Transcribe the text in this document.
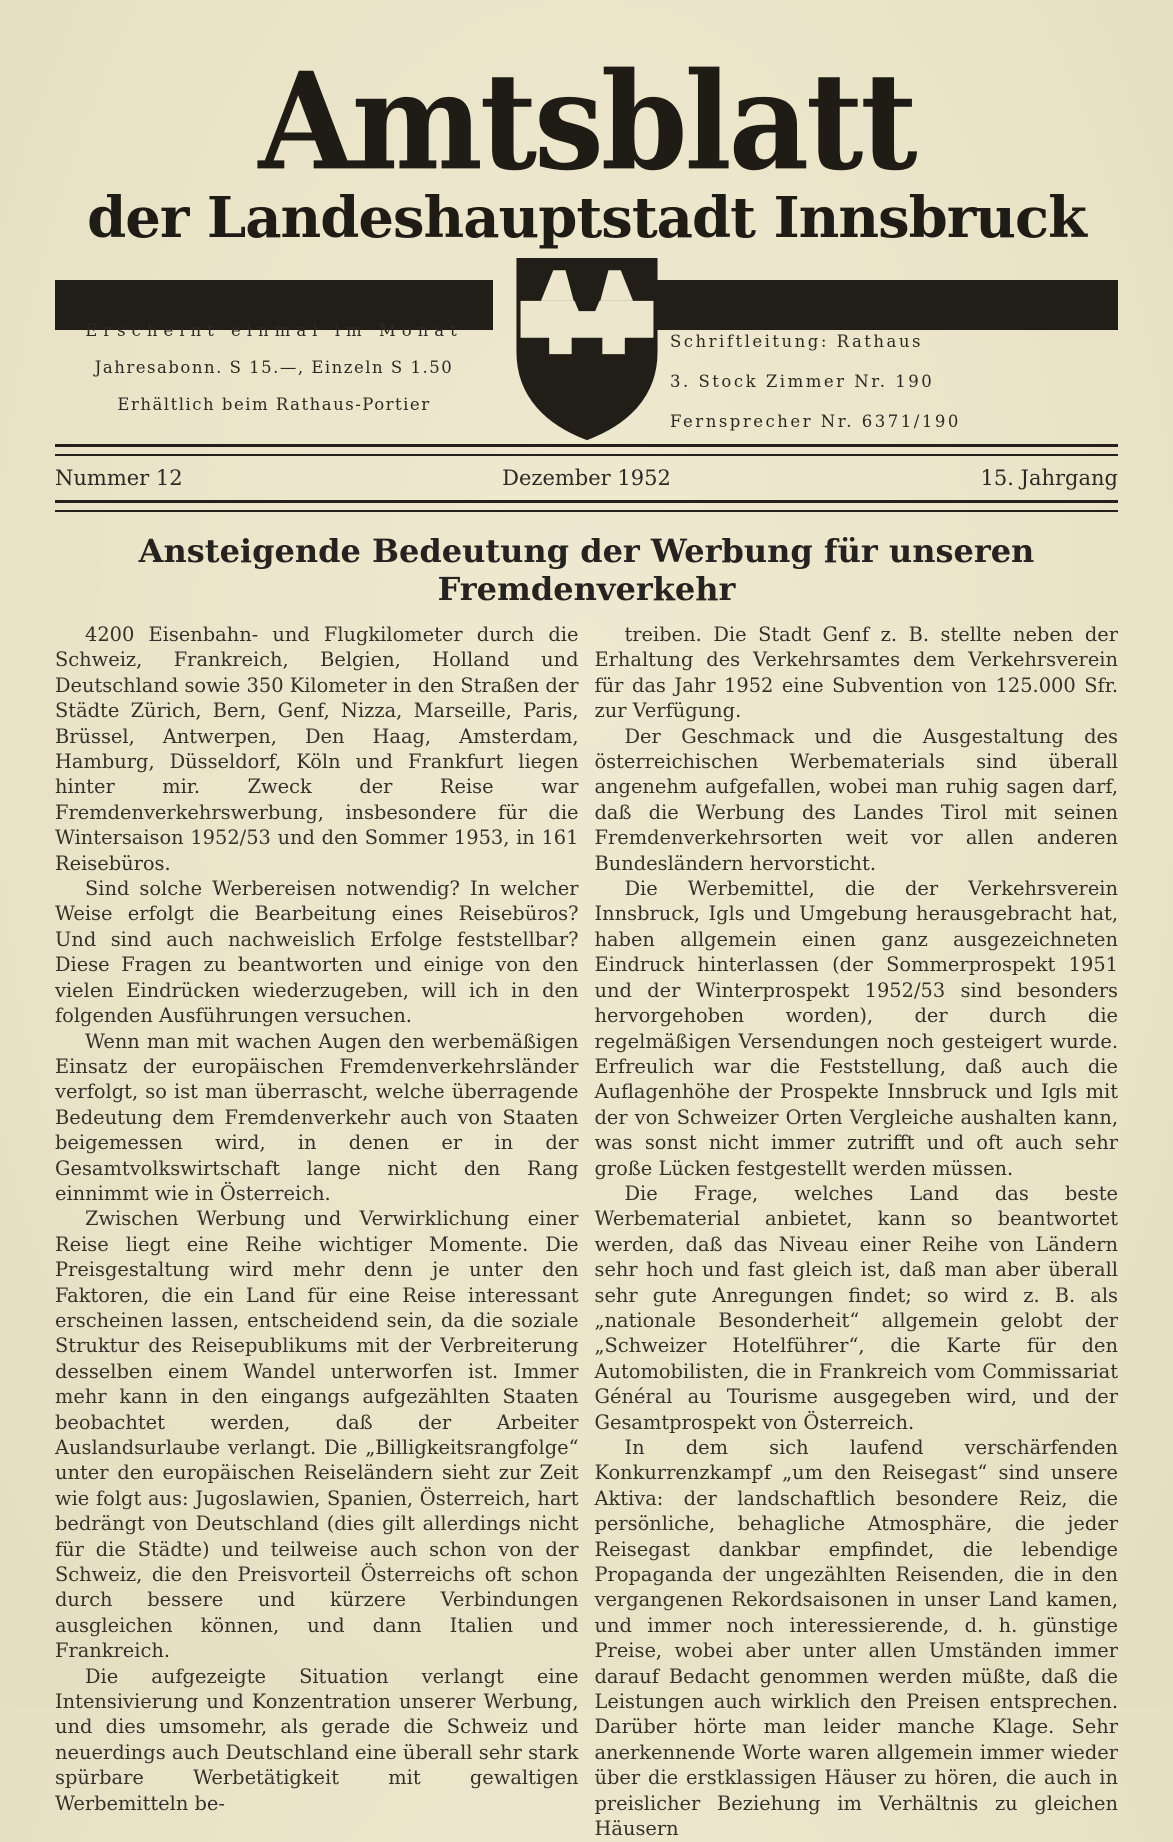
Amtsblatt
der Landeshauptstadt Innsbruck

Erscheint einmal im Monat

Jahresabonn. S 15.—, Einzeln S 1.50

Erhältlich beim Rathaus-Portier

Schriftleitung: Rathaus

3. Stock Zimmer Nr. 190

Fernsprecher Nr. 6371/190

Nummer 12	Dezember 1952	15. Jahrgang
Ansteigende Bedeutung der Werbung für unseren Fremdenverkehr

4200 Eisenbahn- und Flugkilometer durch die Schweiz, Frankreich, Belgien, Holland und Deutschland sowie 350 Kilometer in den Straßen der Städte Zürich, Bern, Genf, Nizza, Marseille, Paris, Brüssel, Antwerpen, Den Haag, Amsterdam, Hamburg, Düsseldorf, Köln und Frankfurt liegen hinter mir. Zweck der Reise war Fremdenverkehrswerbung, insbesondere für die Wintersaison 1952/53 und den Sommer 1953, in 161 Reisebüros.

Sind solche Werbereisen notwendig? In welcher Weise erfolgt die Bearbeitung eines Reisebüros? Und sind auch nachweislich Erfolge feststellbar? Diese Fragen zu beantworten und einige von den vielen Eindrücken wiederzugeben, will ich in den folgenden Ausführungen versuchen.

Wenn man mit wachen Augen den werbemäßigen Einsatz der europäischen Fremdenverkehrsländer verfolgt, so ist man überrascht, welche überragende Bedeutung dem Fremdenverkehr auch von Staaten beigemessen wird, in denen er in der Gesamtvolkswirtschaft lange nicht den Rang einnimmt wie in Österreich.

Zwischen Werbung und Verwirklichung einer Reise liegt eine Reihe wichtiger Momente. Die Preisgestaltung wird mehr denn je unter den Faktoren, die ein Land für eine Reise interessant erscheinen lassen, entscheidend sein, da die soziale Struktur des Reisepublikums mit der Verbreiterung desselben einem Wandel unterworfen ist. Immer mehr kann in den eingangs aufgezählten Staaten beobachtet werden, daß der Arbeiter Auslandsurlaube verlangt. Die „Billigkeitsrangfolge“ unter den europäischen Reiseländern sieht zur Zeit wie folgt aus: Jugoslawien, Spanien, Österreich, hart bedrängt von Deutschland (dies gilt allerdings nicht für die Städte) und teilweise auch schon von der Schweiz, die den Preisvorteil Österreichs oft schon durch bessere und kürzere Verbindungen ausgleichen können, und dann Italien und Frankreich.

Die aufgezeigte Situation verlangt eine Intensivierung und Konzentration unserer Werbung, und dies umsomehr, als gerade die Schweiz und neuerdings auch Deutschland eine überall sehr stark spürbare Werbetätigkeit mit gewaltigen Werbemitteln be-

treiben. Die Stadt Genf z. B. stellte neben der Erhaltung des Verkehrsamtes dem Verkehrsverein für das Jahr 1952 eine Subvention von 125.000 Sfr. zur Verfügung.

Der Geschmack und die Ausgestaltung des österreichischen Werbematerials sind überall angenehm aufgefallen, wobei man ruhig sagen darf, daß die Werbung des Landes Tirol mit seinen Fremdenverkehrsorten weit vor allen anderen Bundesländern hervorsticht.

Die Werbemittel, die der Verkehrsverein Innsbruck, Igls und Umgebung herausgebracht hat, haben allgemein einen ganz ausgezeichneten Eindruck hinterlassen (der Sommerprospekt 1951 und der Winterprospekt 1952/53 sind besonders hervorgehoben worden), der durch die regelmäßigen Versendungen noch gesteigert wurde. Erfreulich war die Feststellung, daß auch die Auflagenhöhe der Prospekte Innsbruck und Igls mit der von Schweizer Orten Vergleiche aushalten kann, was sonst nicht immer zutrifft und oft auch sehr große Lücken festgestellt werden müssen.

Die Frage, welches Land das beste Werbematerial anbietet, kann so beantwortet werden, daß das Niveau einer Reihe von Ländern sehr hoch und fast gleich ist, daß man aber überall sehr gute Anregungen findet; so wird z. B. als „nationale Besonderheit“ allgemein gelobt der „Schweizer Hotelführer“, die Karte für den Automobilisten, die in Frankreich vom Commissariat Général au Tourisme ausgegeben wird, und der Gesamtprospekt von Österreich.

In dem sich laufend verschärfenden Konkurrenzkampf „um den Reisegast“ sind unsere Aktiva: der landschaftlich besondere Reiz, die persönliche, behagliche Atmosphäre, die jeder Reisegast dankbar empfindet, die lebendige Propaganda der ungezählten Reisenden, die in den vergangenen Rekordsaisonen in unser Land kamen, und immer noch interessierende, d. h. günstige Preise, wobei aber unter allen Umständen immer darauf Bedacht genommen werden müßte, daß die Leistungen auch wirklich den Preisen entsprechen. Darüber hörte man leider manche Klage. Sehr anerkennende Worte waren allgemein immer wieder über die erstklassigen Häuser zu hören, die auch in preislicher Beziehung im Verhältnis zu gleichen Häusern
